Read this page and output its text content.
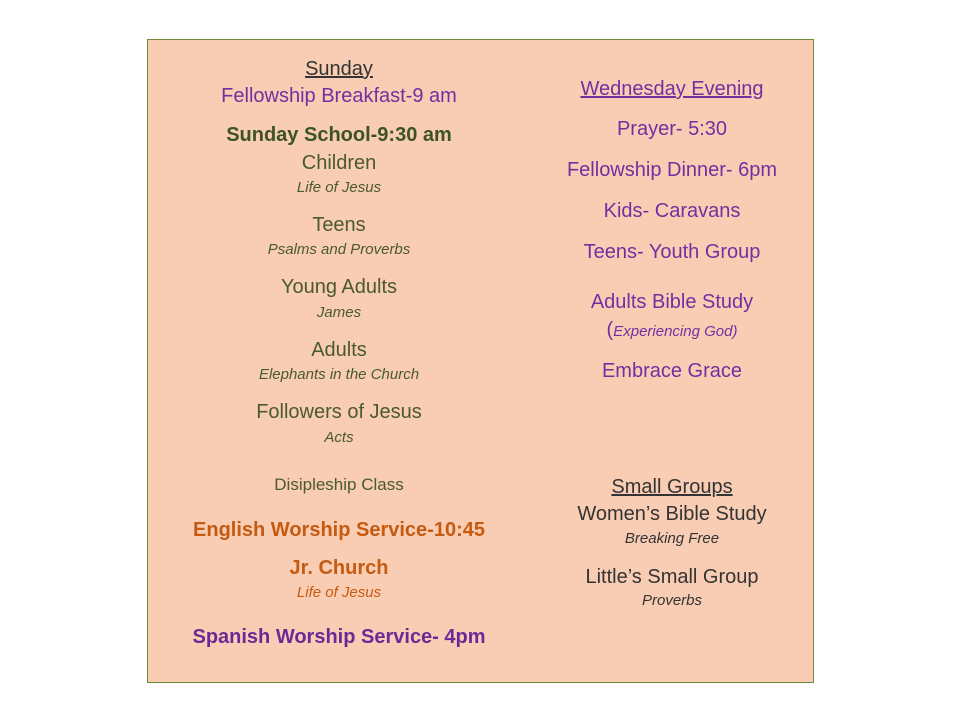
Sunday
Fellowship Breakfast-9 am
Sunday School-9:30 am
Children
Life of Jesus
Teens
Psalms and Proverbs
Young Adults
James
Adults
Elephants in the Church
Followers of Jesus
Acts
Disipleship Class
English Worship Service-10:45
Jr. Church
Life of Jesus
Spanish Worship Service- 4pm
Wednesday Evening
Prayer- 5:30
Fellowship Dinner- 6pm
Kids- Caravans
Teens- Youth Group
Adults Bible Study
(Experiencing God)
Embrace Grace
Small Groups
Women’s Bible Study
Breaking Free
Little’s Small Group
Proverbs
